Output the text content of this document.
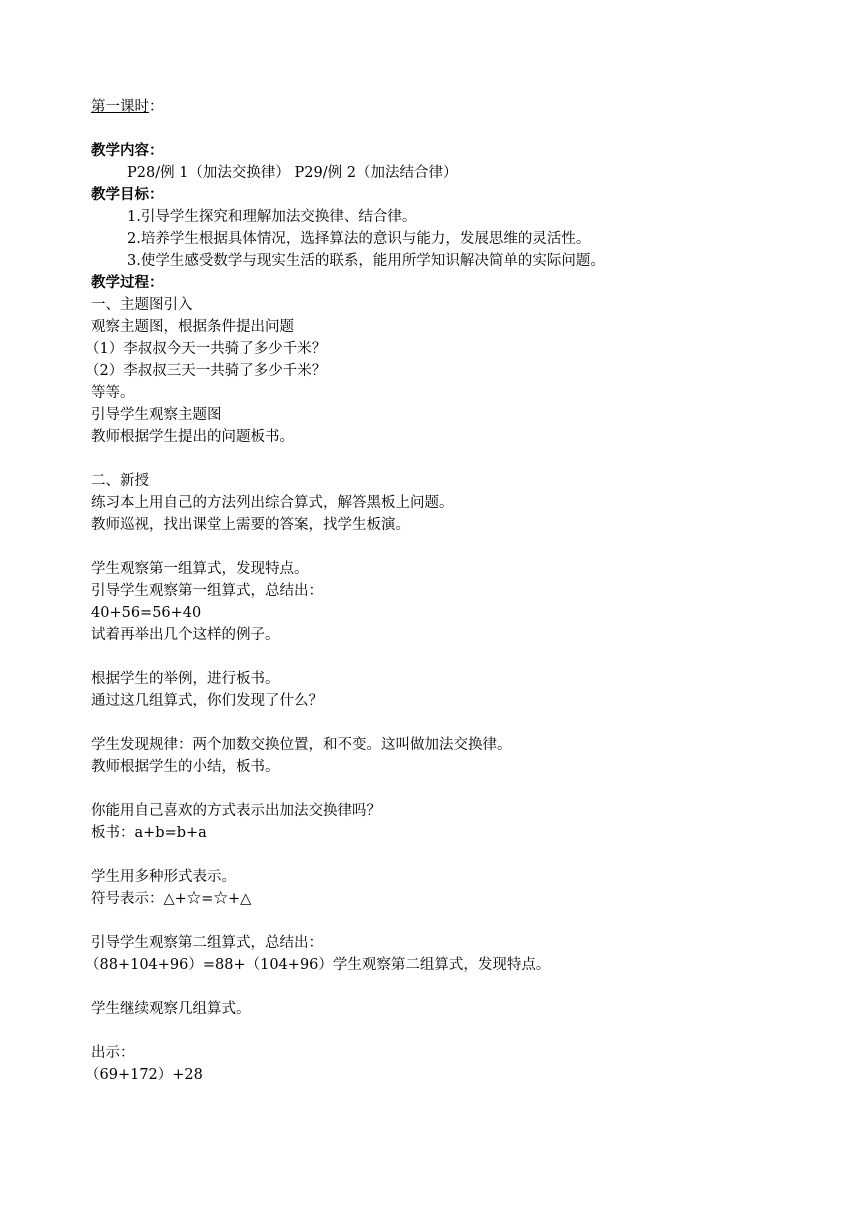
第一课时：
教学内容：
P28/例 1（加法交换律） P29/例 2（加法结合律）
教学目标：
1.引导学生探究和理解加法交换律、结合律。
2.培养学生根据具体情况，选择算法的意识与能力，发展思维的灵活性。
3.使学生感受数学与现实生活的联系，能用所学知识解决简单的实际问题。
教学过程：
一、主题图引入
观察主题图，根据条件提出问题
（1）李叔叔今天一共骑了多少千米？
（2）李叔叔三天一共骑了多少千米？
等等。
引导学生观察主题图
教师根据学生提出的问题板书。
二、新授
练习本上用自己的方法列出综合算式，解答黑板上问题。
教师巡视，找出课堂上需要的答案，找学生板演。
学生观察第一组算式，发现特点。
引导学生观察第一组算式，总结出：
40+56=56+40
试着再举出几个这样的例子。
根据学生的举例，进行板书。
通过这几组算式，你们发现了什么？
学生发现规律：两个加数交换位置，和不变。这叫做加法交换律。
教师根据学生的小结，板书。
你能用自己喜欢的方式表示出加法交换律吗？
板书：a+b=b+a
学生用多种形式表示。
符号表示：△+☆=☆+△
引导学生观察第二组算式，总结出：
（88+104+96）=88+（104+96）学生观察第二组算式，发现特点。
学生继续观察几组算式。
出示：
（69+172）+28
